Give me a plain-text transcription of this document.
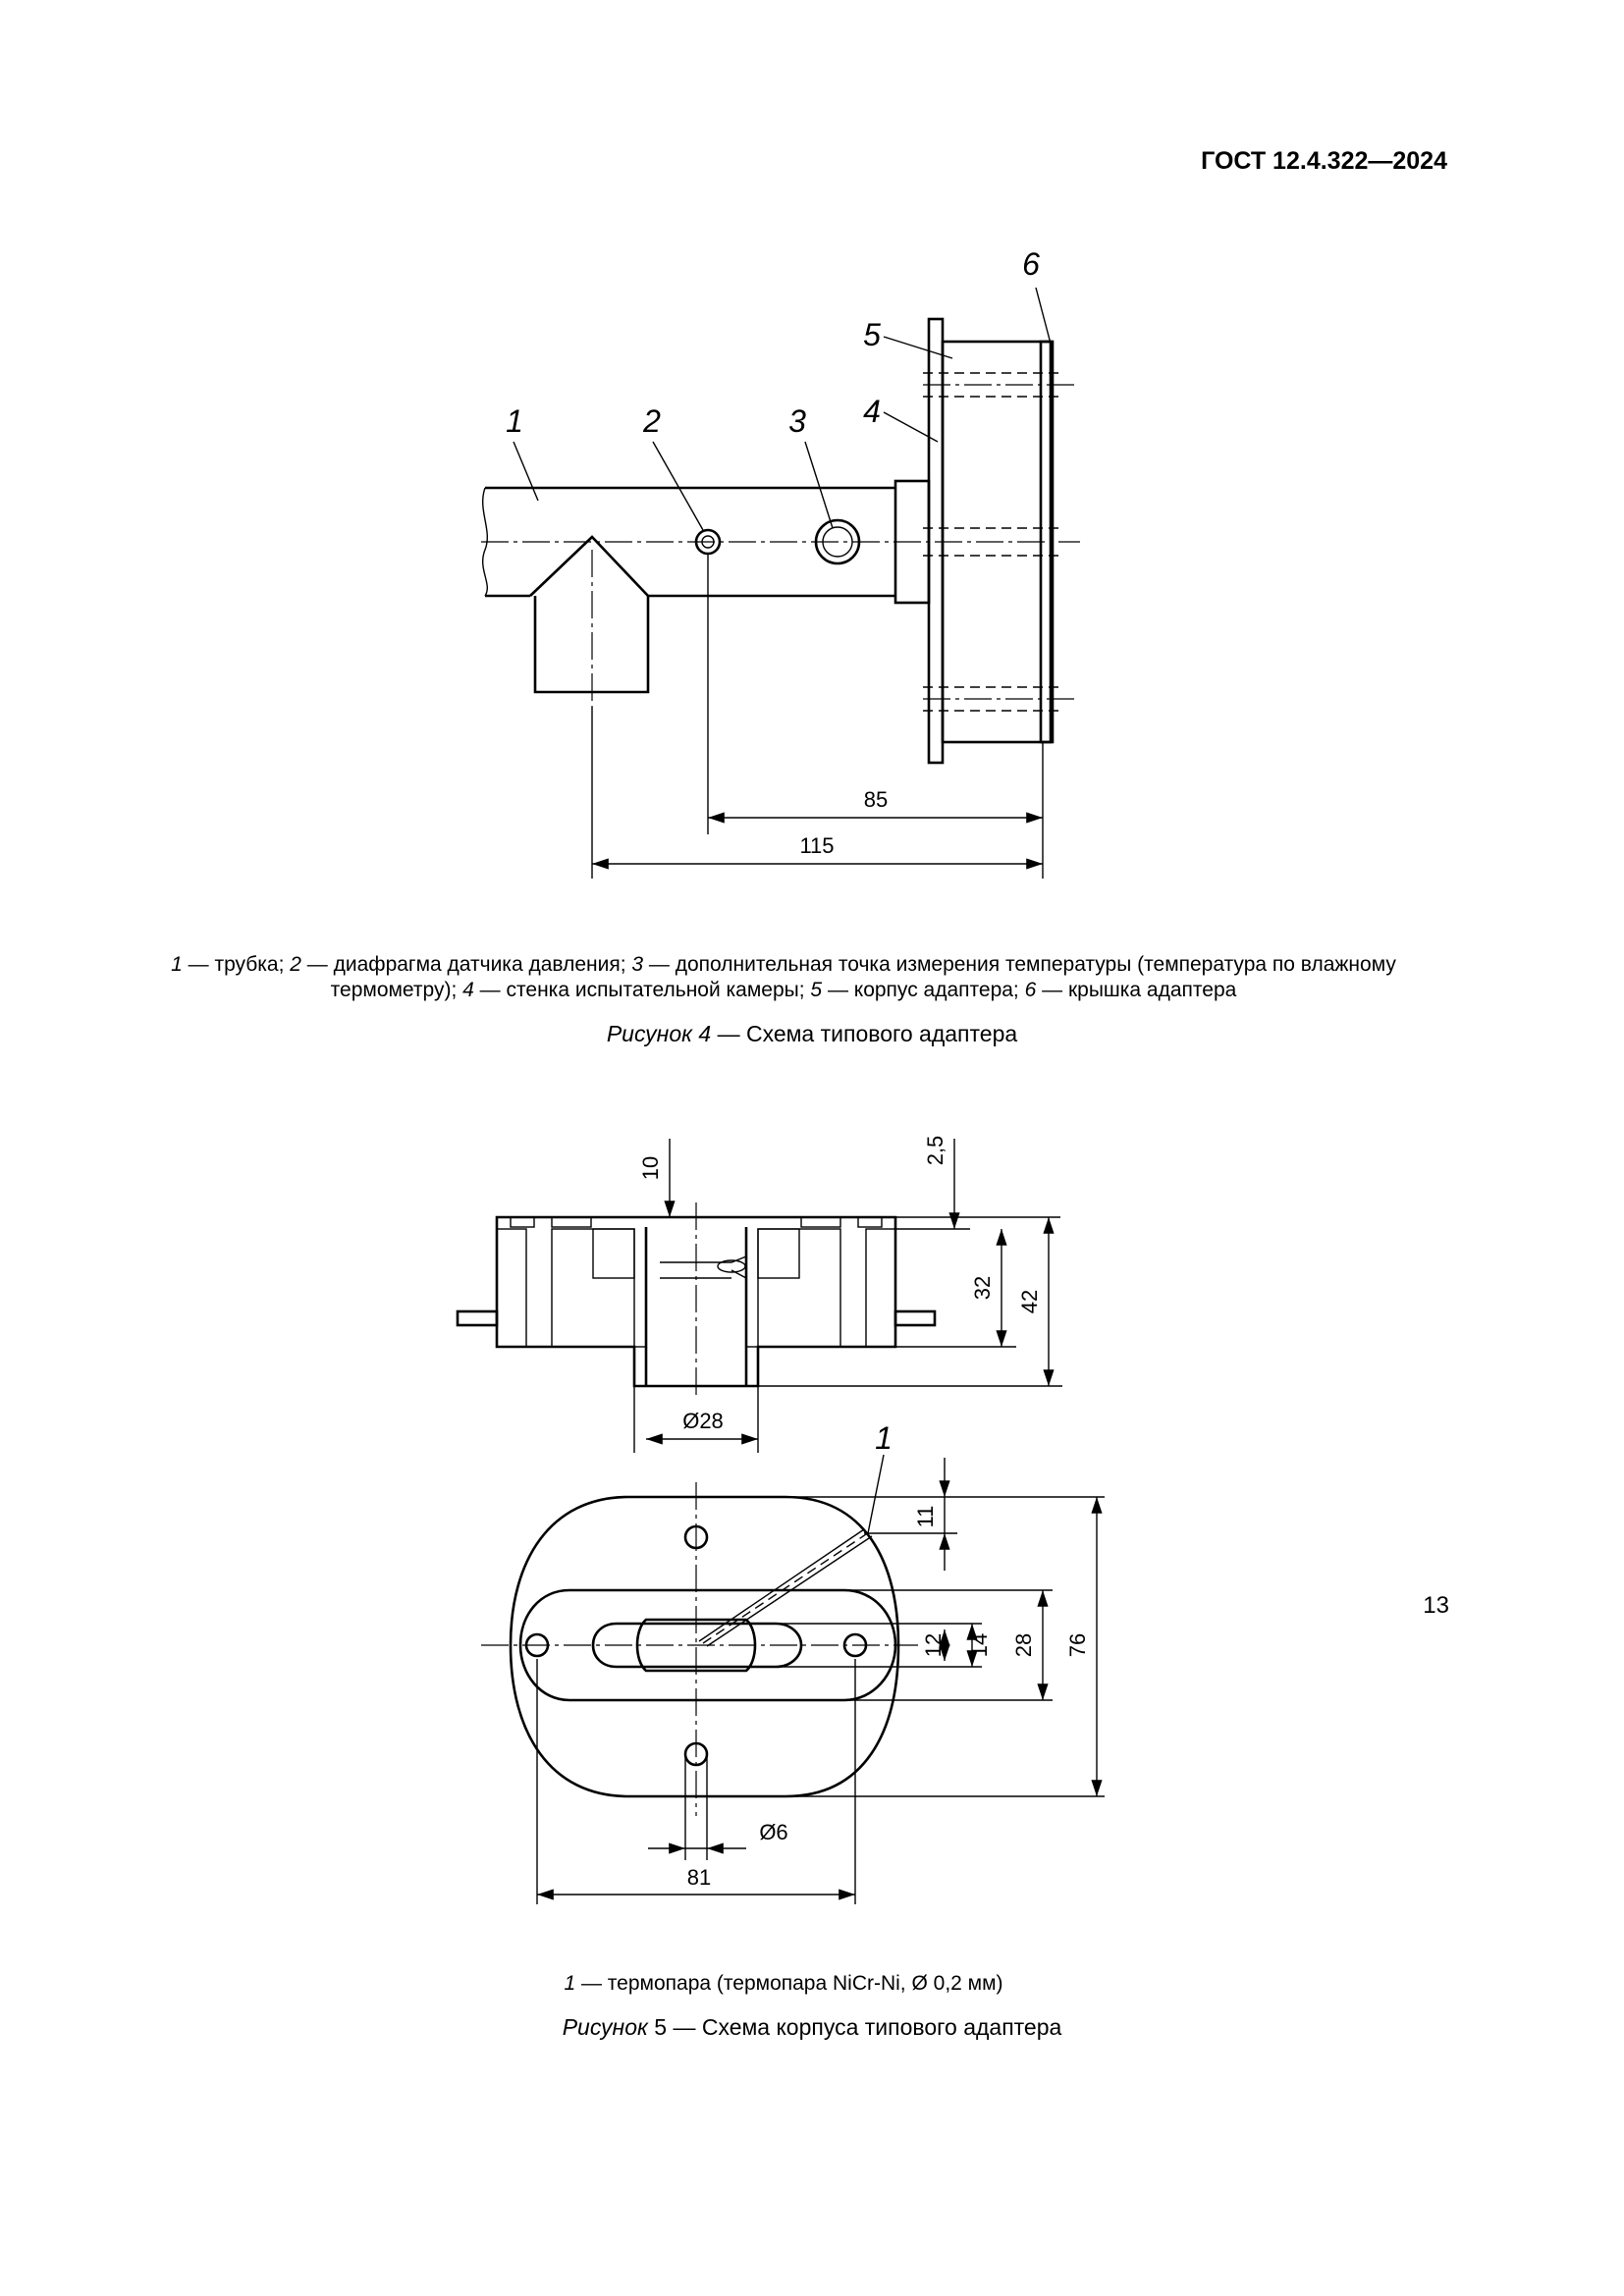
ГОСТ 12.4.322—2024
1	2	3 4
5
6
85
115
10
2,5
32
42
Ø28	1
11
12 14 28 76
Ø6
81
1 — трубка; 2 — диафрагма датчика давления; 3 — дополнительная точка измерения температуры (температура по влажному термометру); 4 — стенка испытательной камеры; 5 — корпус адаптера; 6 — крышка адаптера
Рисунок 4 — Схема типового адаптера
1 — термопара (термопара NiCr-Ni, Ø 0,2 мм)
Рисунок 5 — Схема корпуса типового адаптера
13
